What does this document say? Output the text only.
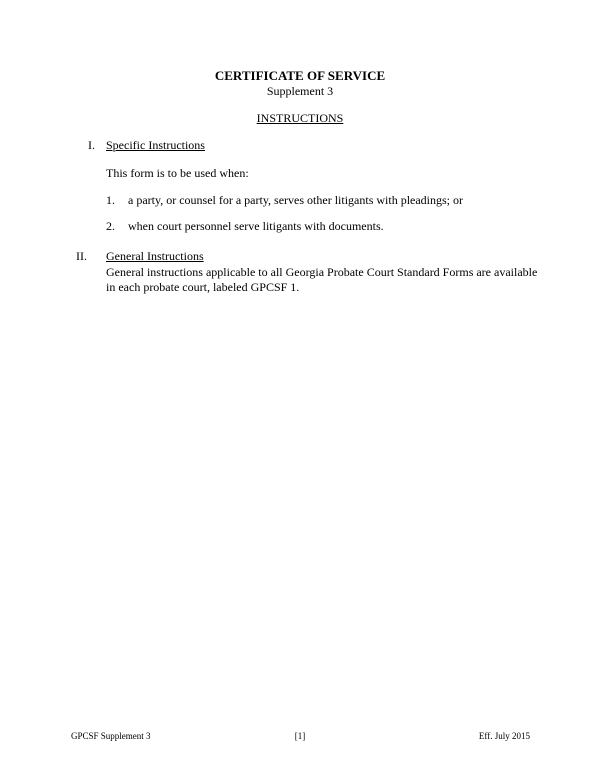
CERTIFICATE OF SERVICE
Supplement 3
INSTRUCTIONS
I. Specific Instructions
This form is to be used when:
1. a party, or counsel for a party, serves other litigants with pleadings; or
2. when court personnel serve litigants with documents.
II. General Instructions
General instructions applicable to all Georgia Probate Court Standard Forms are available in each probate court, labeled GPCSF 1.
GPCSF Supplement 3	[1]	Eff. July 2015
